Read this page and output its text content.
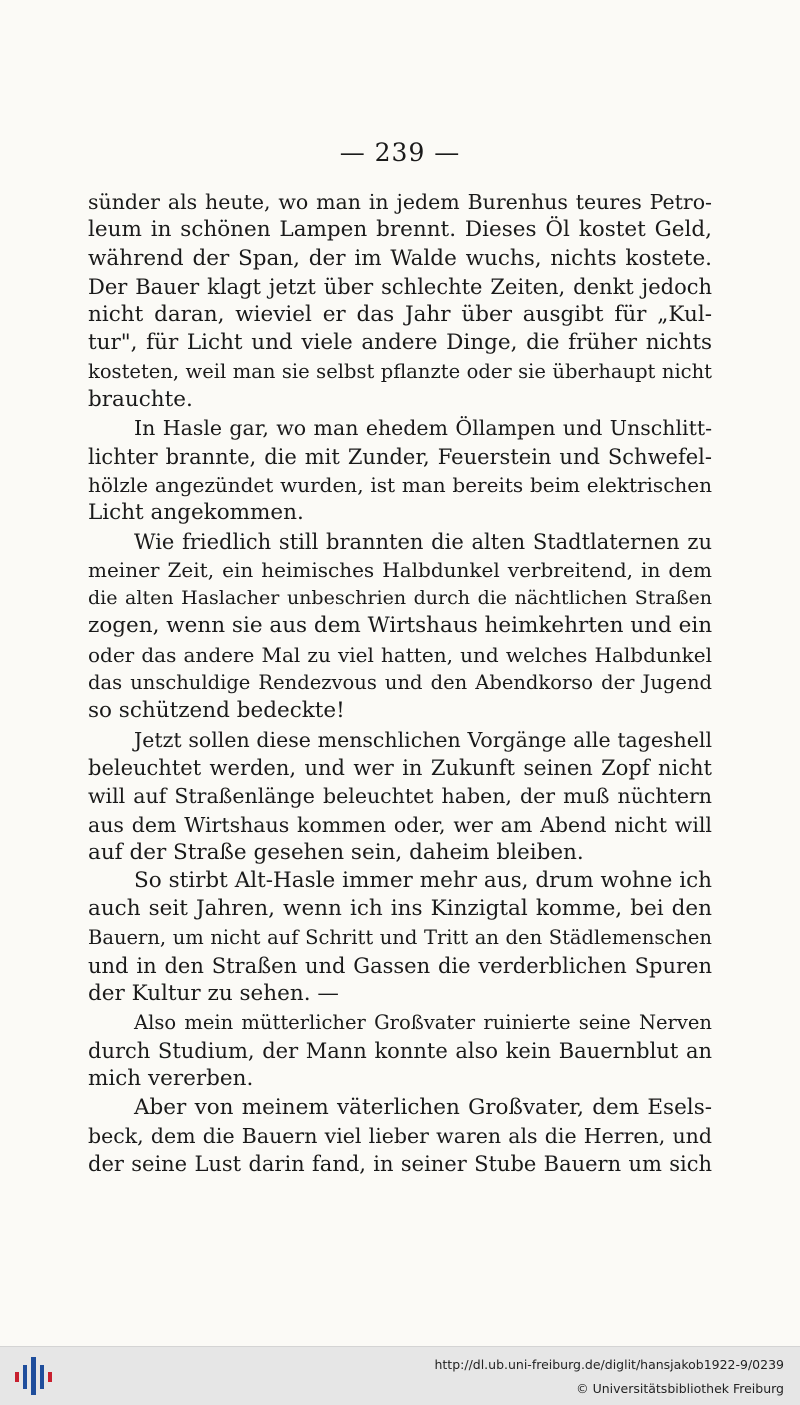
— 239 —
sünder als heute, wo man in jedem Burenhus teures Petro-
leum in schönen Lampen brennt. Dieses Öl kostet Geld,
während der Span, der im Walde wuchs, nichts kostete.
Der Bauer klagt jetzt über schlechte Zeiten, denkt jedoch
nicht daran, wieviel er das Jahr über ausgibt für „Kul-
tur", für Licht und viele andere Dinge, die früher nichts
kosteten, weil man sie selbst pflanzte oder sie überhaupt nicht
brauchte.
In Hasle gar, wo man ehedem Öllampen und Unschlitt-
lichter brannte, die mit Zunder, Feuerstein und Schwefel-
hölzle angezündet wurden, ist man bereits beim elektrischen
Licht angekommen.
Wie friedlich still brannten die alten Stadtlaternen zu
meiner Zeit, ein heimisches Halbdunkel verbreitend, in dem
die alten Haslacher unbeschrien durch die nächtlichen Straßen
zogen, wenn sie aus dem Wirtshaus heimkehrten und ein
oder das andere Mal zu viel hatten, und welches Halbdunkel
das unschuldige Rendezvous und den Abendkorso der Jugend
so schützend bedeckte!
Jetzt sollen diese menschlichen Vorgänge alle tageshell
beleuchtet werden, und wer in Zukunft seinen Zopf nicht
will auf Straßenlänge beleuchtet haben, der muß nüchtern
aus dem Wirtshaus kommen oder, wer am Abend nicht will
auf der Straße gesehen sein, daheim bleiben.
So stirbt Alt-Hasle immer mehr aus, drum wohne ich
auch seit Jahren, wenn ich ins Kinzigtal komme, bei den
Bauern, um nicht auf Schritt und Tritt an den Städlemenschen
und in den Straßen und Gassen die verderblichen Spuren
der Kultur zu sehen. —
Also mein mütterlicher Großvater ruinierte seine Nerven
durch Studium, der Mann konnte also kein Bauernblut an
mich vererben.
Aber von meinem väterlichen Großvater, dem Esels-
beck, dem die Bauern viel lieber waren als die Herren, und
der seine Lust darin fand, in seiner Stube Bauern um sich
http://dl.ub.uni-freiburg.de/diglit/hansjakob1922-9/0239
© Universitätsbibliothek Freiburg
